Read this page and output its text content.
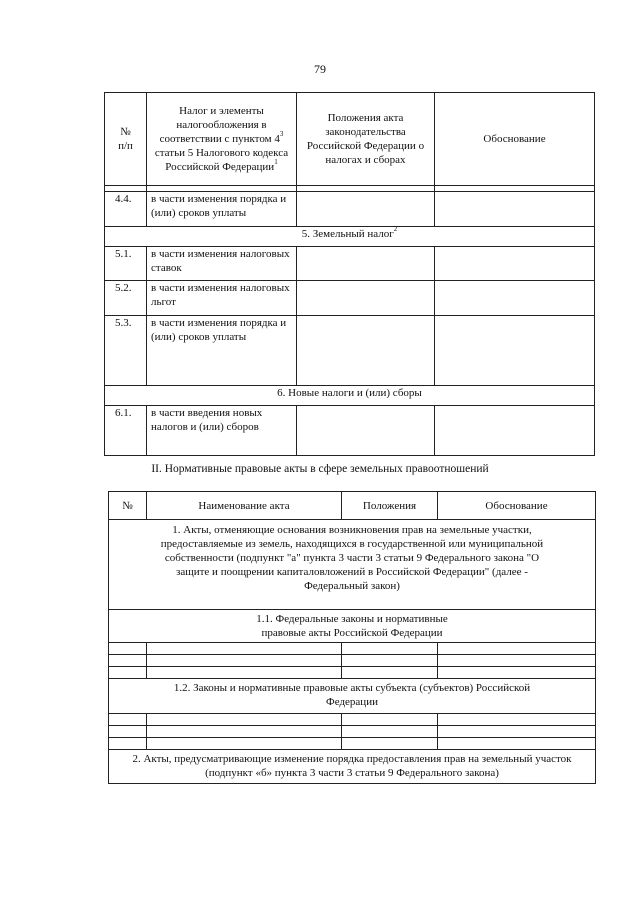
79
№
п/п	Налог и элементы налогообложения в соответствии с пунктом $4^3$ статьи 5 Налогового кодекса Российской Федерации$^1$	Положения акта законодательства Российской Федерации о налогах и сборах	Обоснование

4.4.	в части изменения порядка и (или) сроков уплаты		
5. Земельный налог$^2$
5.1.	в части изменения налоговых ставок		
5.2.	в части изменения налоговых льгот		
5.3.	в части изменения порядка и (или) сроков уплаты		
6. Новые налоги и (или) сборы			
6.1.	в части введения новых налогов и (или) сборов		
II. Нормативные правовые акты в сфере земельных правоотношений
№	Наименование акта	Положения	Обоснование
1. Акты, отменяющие основания возникновения прав на земельные участки, предоставляемые из земель, находящихся в государственной или муниципальной собственности (подпункт "а" пункта 3 части 3 статьи 9 Федерального закона "О защите и поощрении капиталовложений в Российской Федерации" (далее - Федеральный закон)			
1.1. Федеральные законы и нормативные правовые акты Российской Федерации			

1.2. Законы и нормативные правовые акты субъекта (субъектов) Российской Федерации			

2. Акты, предусматривающие изменение порядка предоставления прав на земельный участок (подпункт «б» пункта 3 части 3 статьи 9 Федерального закона)			
